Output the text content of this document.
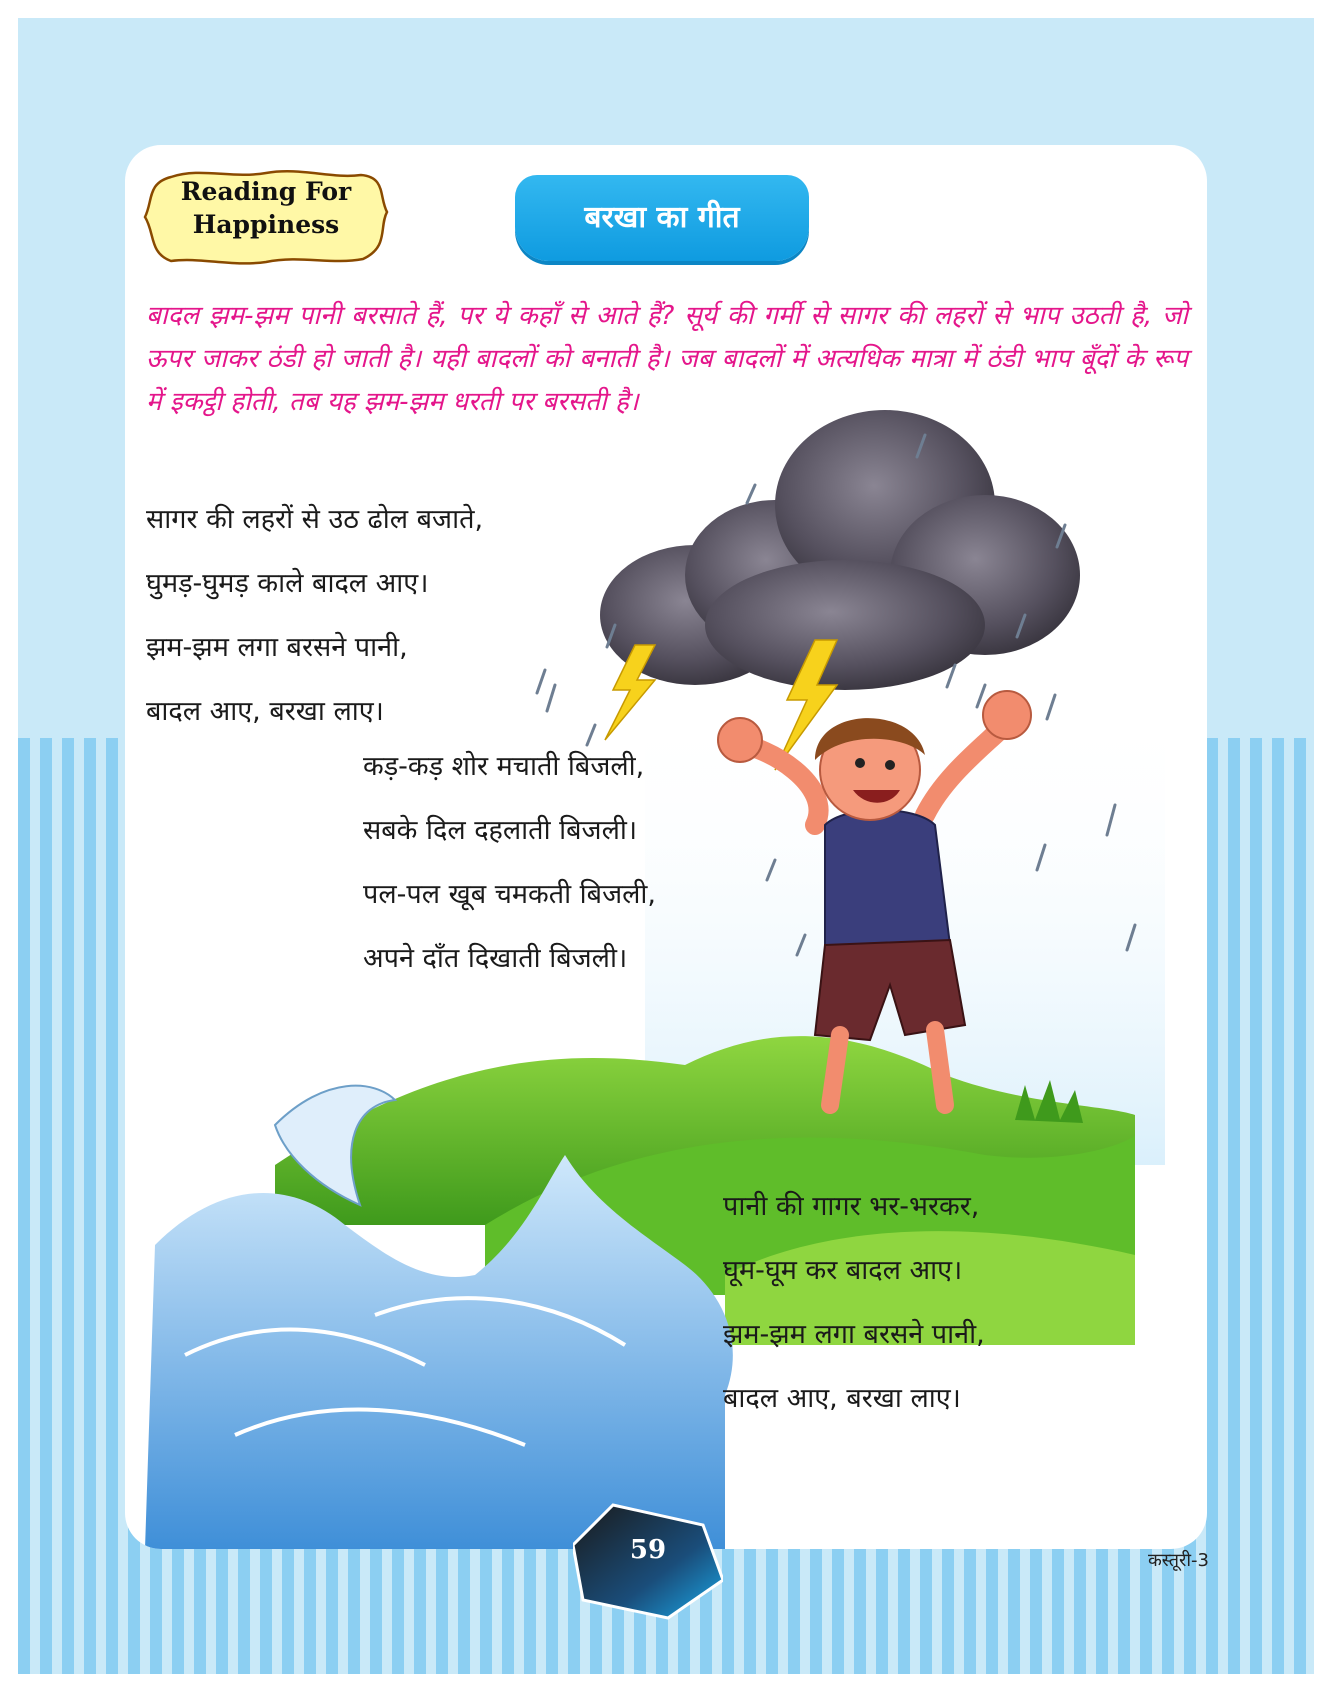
Reading For
Happiness	बरखा का गीत

बादल झम-झम पानी बरसाते हैं, पर ये कहाँ से आते हैं? सूर्य की गर्मी से सागर की लहरों से भाप उठती है, जो ऊपर जाकर ठंडी हो जाती है। यही बादलों को बनाती है। जब बादलों में अत्यधिक मात्रा में ठंडी भाप बूँदों के रूप में इकट्ठी होती, तब यह झम-झम धरती पर बरसती है।

सागर की लहरों से उठ ढोल बजाते,

घुमड़-घुमड़ काले बादल आए।

झम-झम लगा बरसने पानी,

बादल आए, बरखा लाए।

कड़-कड़ शोर मचाती बिजली,

सबके दिल दहलाती बिजली।

पल-पल खूब चमकती बिजली,

अपने दाँत दिखाती बिजली।

पानी की गागर भर-भरकर,

घूम-घूम कर बादल आए।

झम-झम लगा बरसने पानी,

बादल आए, बरखा लाए।

59	कस्तूरी-3
